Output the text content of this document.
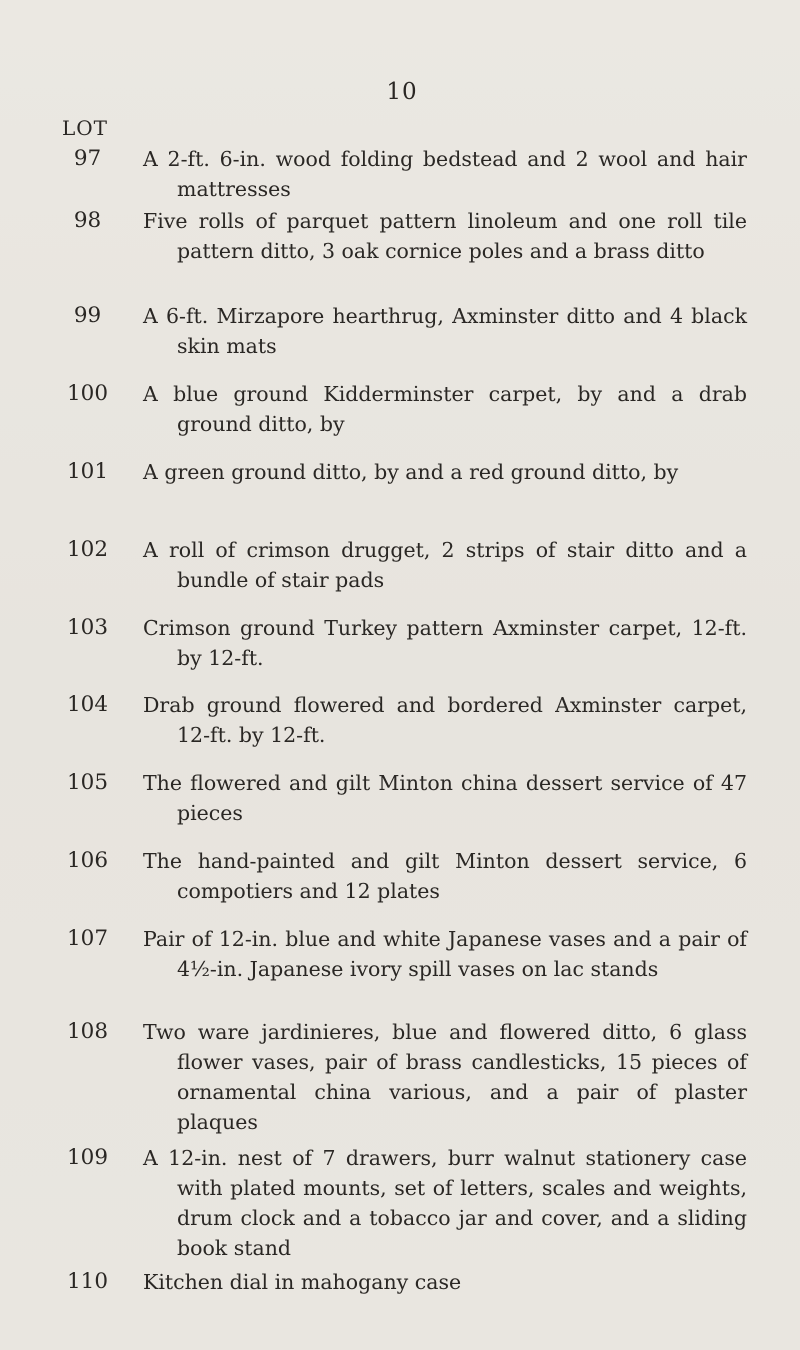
10
LOT
97	A 2-ft. 6-in. wood folding bedstead and 2 wool and hair mattresses
98	Five rolls of parquet pattern linoleum and one roll tile pattern ditto, 3 oak cornice poles and a brass ditto
99	A 6-ft. Mirzapore hearthrug, Axminster ditto and 4 black skin mats
100	A blue ground Kidderminster carpet, by and a drab ground ditto, by
101	A green ground ditto, by and a red ground ditto, by
102	A roll of crimson drugget, 2 strips of stair ditto and a bundle of stair pads
103	Crimson ground Turkey pattern Axminster carpet, 12-ft. by 12-ft.
104	Drab ground flowered and bordered Axminster carpet, 12-ft. by 12-ft.
105	The flowered and gilt Minton china dessert service of 47 pieces
106	The hand-painted and gilt Minton dessert service, 6 compotiers and 12 plates
107	Pair of 12-in. blue and white Japanese vases and a pair of 4½-in. Japanese ivory spill vases on lac stands
108	Two ware jardinieres, blue and flowered ditto, 6 glass flower vases, pair of brass candlesticks, 15 pieces of ornamental china various, and a pair of plaster plaques
109	A 12-in. nest of 7 drawers, burr walnut stationery case with plated mounts, set of letters, scales and weights, drum clock and a tobacco jar and cover, and a sliding book stand
110	Kitchen dial in mahogany case
